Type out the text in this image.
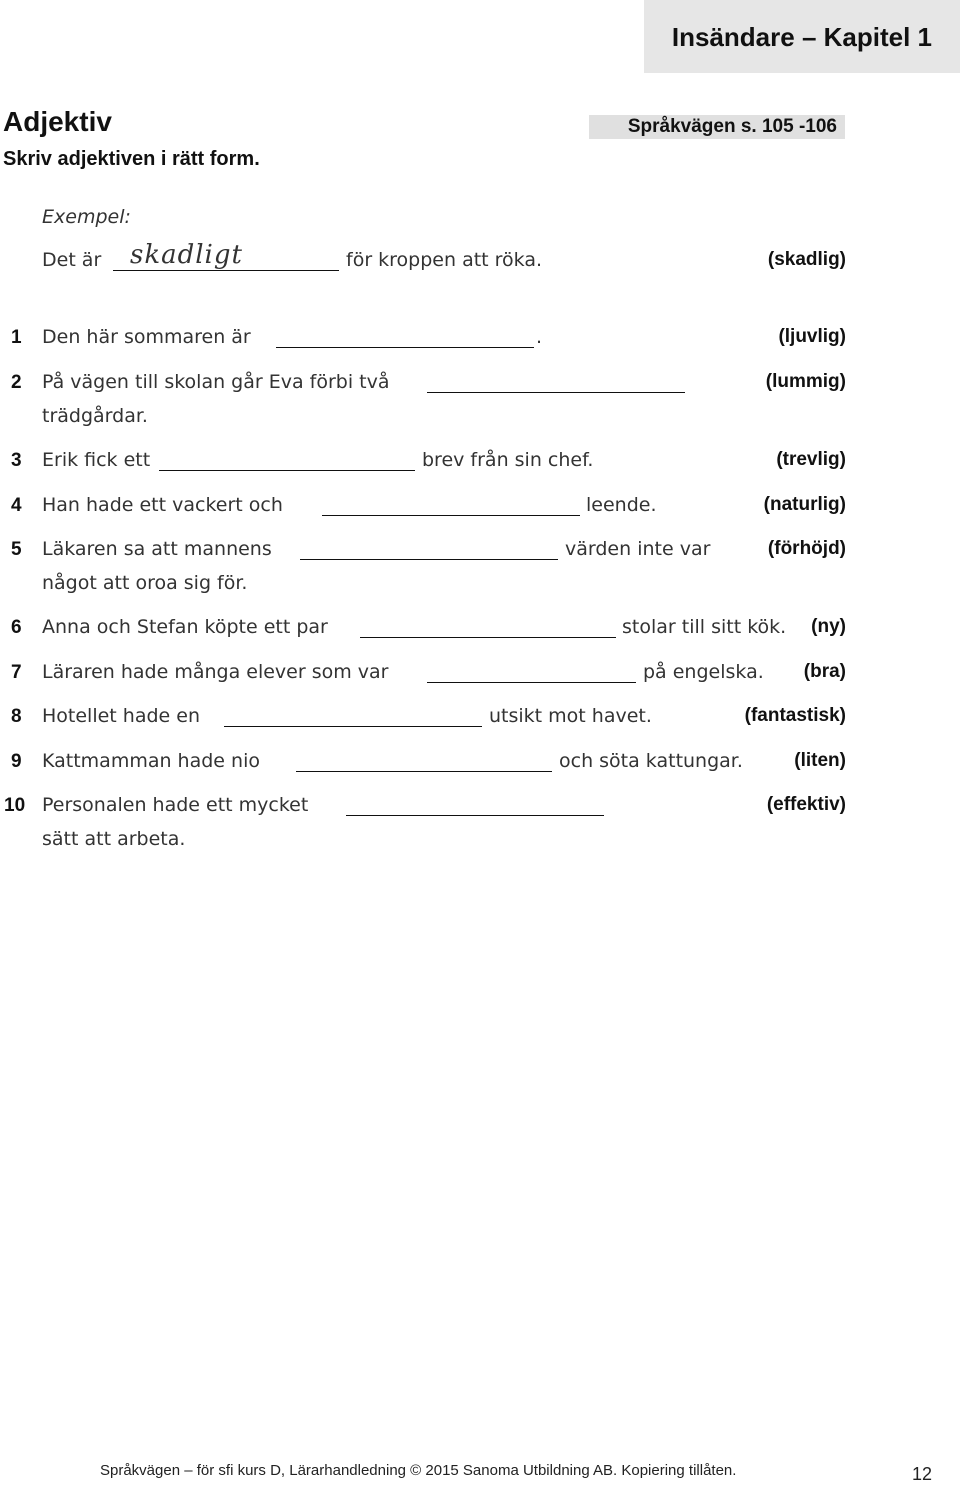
Insändare – Kapitel 1
Adjektiv
Skriv adjektiven i rätt form.
Språkvägen s. 105 -106
Exempel:
Det är skadligt	för kroppen att röka.	(skadlig)
1 Den här sommaren är	.	(ljuvlig)
2 På vägen till skolan går Eva förbi två	(lummig)
trädgårdar.
3 Erik fick ett	brev från sin chef.	(trevlig)
4 Han hade ett vackert och	leende.	(naturlig)
5 Läkaren sa att mannens	värden inte var	(förhöjd)
något att oroa sig för.
6 Anna och Stefan köpte ett par	stolar till sitt kök. (ny)
7 Läraren hade många elever som var	på engelska. (bra)
8 Hotellet hade en	utsikt mot havet.	(fantastisk)
9 Kattmamman hade nio	och söta kattungar.	(liten)
10 Personalen hade ett mycket	(effektiv)
sätt att arbeta.
Språkvägen – för sfi kurs D, Lärarhandledning © 2015 Sanoma Utbildning AB. Kopiering tillåten.	12
